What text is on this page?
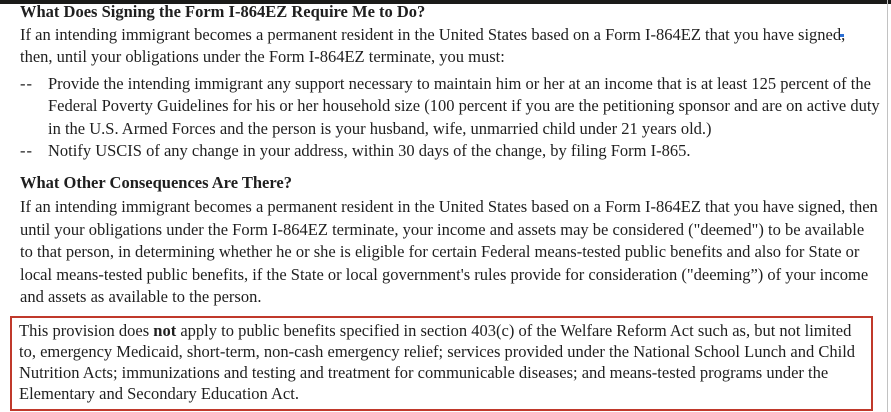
What Does Signing the Form I-864EZ Require Me to Do?

If an intending immigrant becomes a permanent resident in the United States based on a Form I-864EZ that you have signed, then, until your obligations under the Form I-864EZ terminate, you must:

-- Provide the intending immigrant any support necessary to maintain him or her at an income that is at least 125 percent of the Federal Poverty Guidelines for his or her household size (100 percent if you are the petitioning sponsor and are on active duty in the U.S. Armed Forces and the person is your husband, wife, unmarried child under 21 years old.)
-- Notify USCIS of any change in your address, within 30 days of the change, by filing Form I-865.
What Other Consequences Are There?

If an intending immigrant becomes a permanent resident in the United States based on a Form I-864EZ that you have signed, then until your obligations under the Form I-864EZ terminate, your income and assets may be considered ("deemed") to be available to that person, in determining whether he or she is eligible for certain Federal means-tested public benefits and also for State or local means-tested public benefits, if the State or local government's rules provide for consideration ("deeming”) of your income and assets as available to the person.

This provision does not apply to public benefits specified in section 403(c) of the Welfare Reform Act such as, but not limited to, emergency Medicaid, short-term, non-cash emergency relief; services provided under the National School Lunch and Child Nutrition Acts; immunizations and testing and treatment for communicable diseases; and means-tested programs under the Elementary and Secondary Education Act.
